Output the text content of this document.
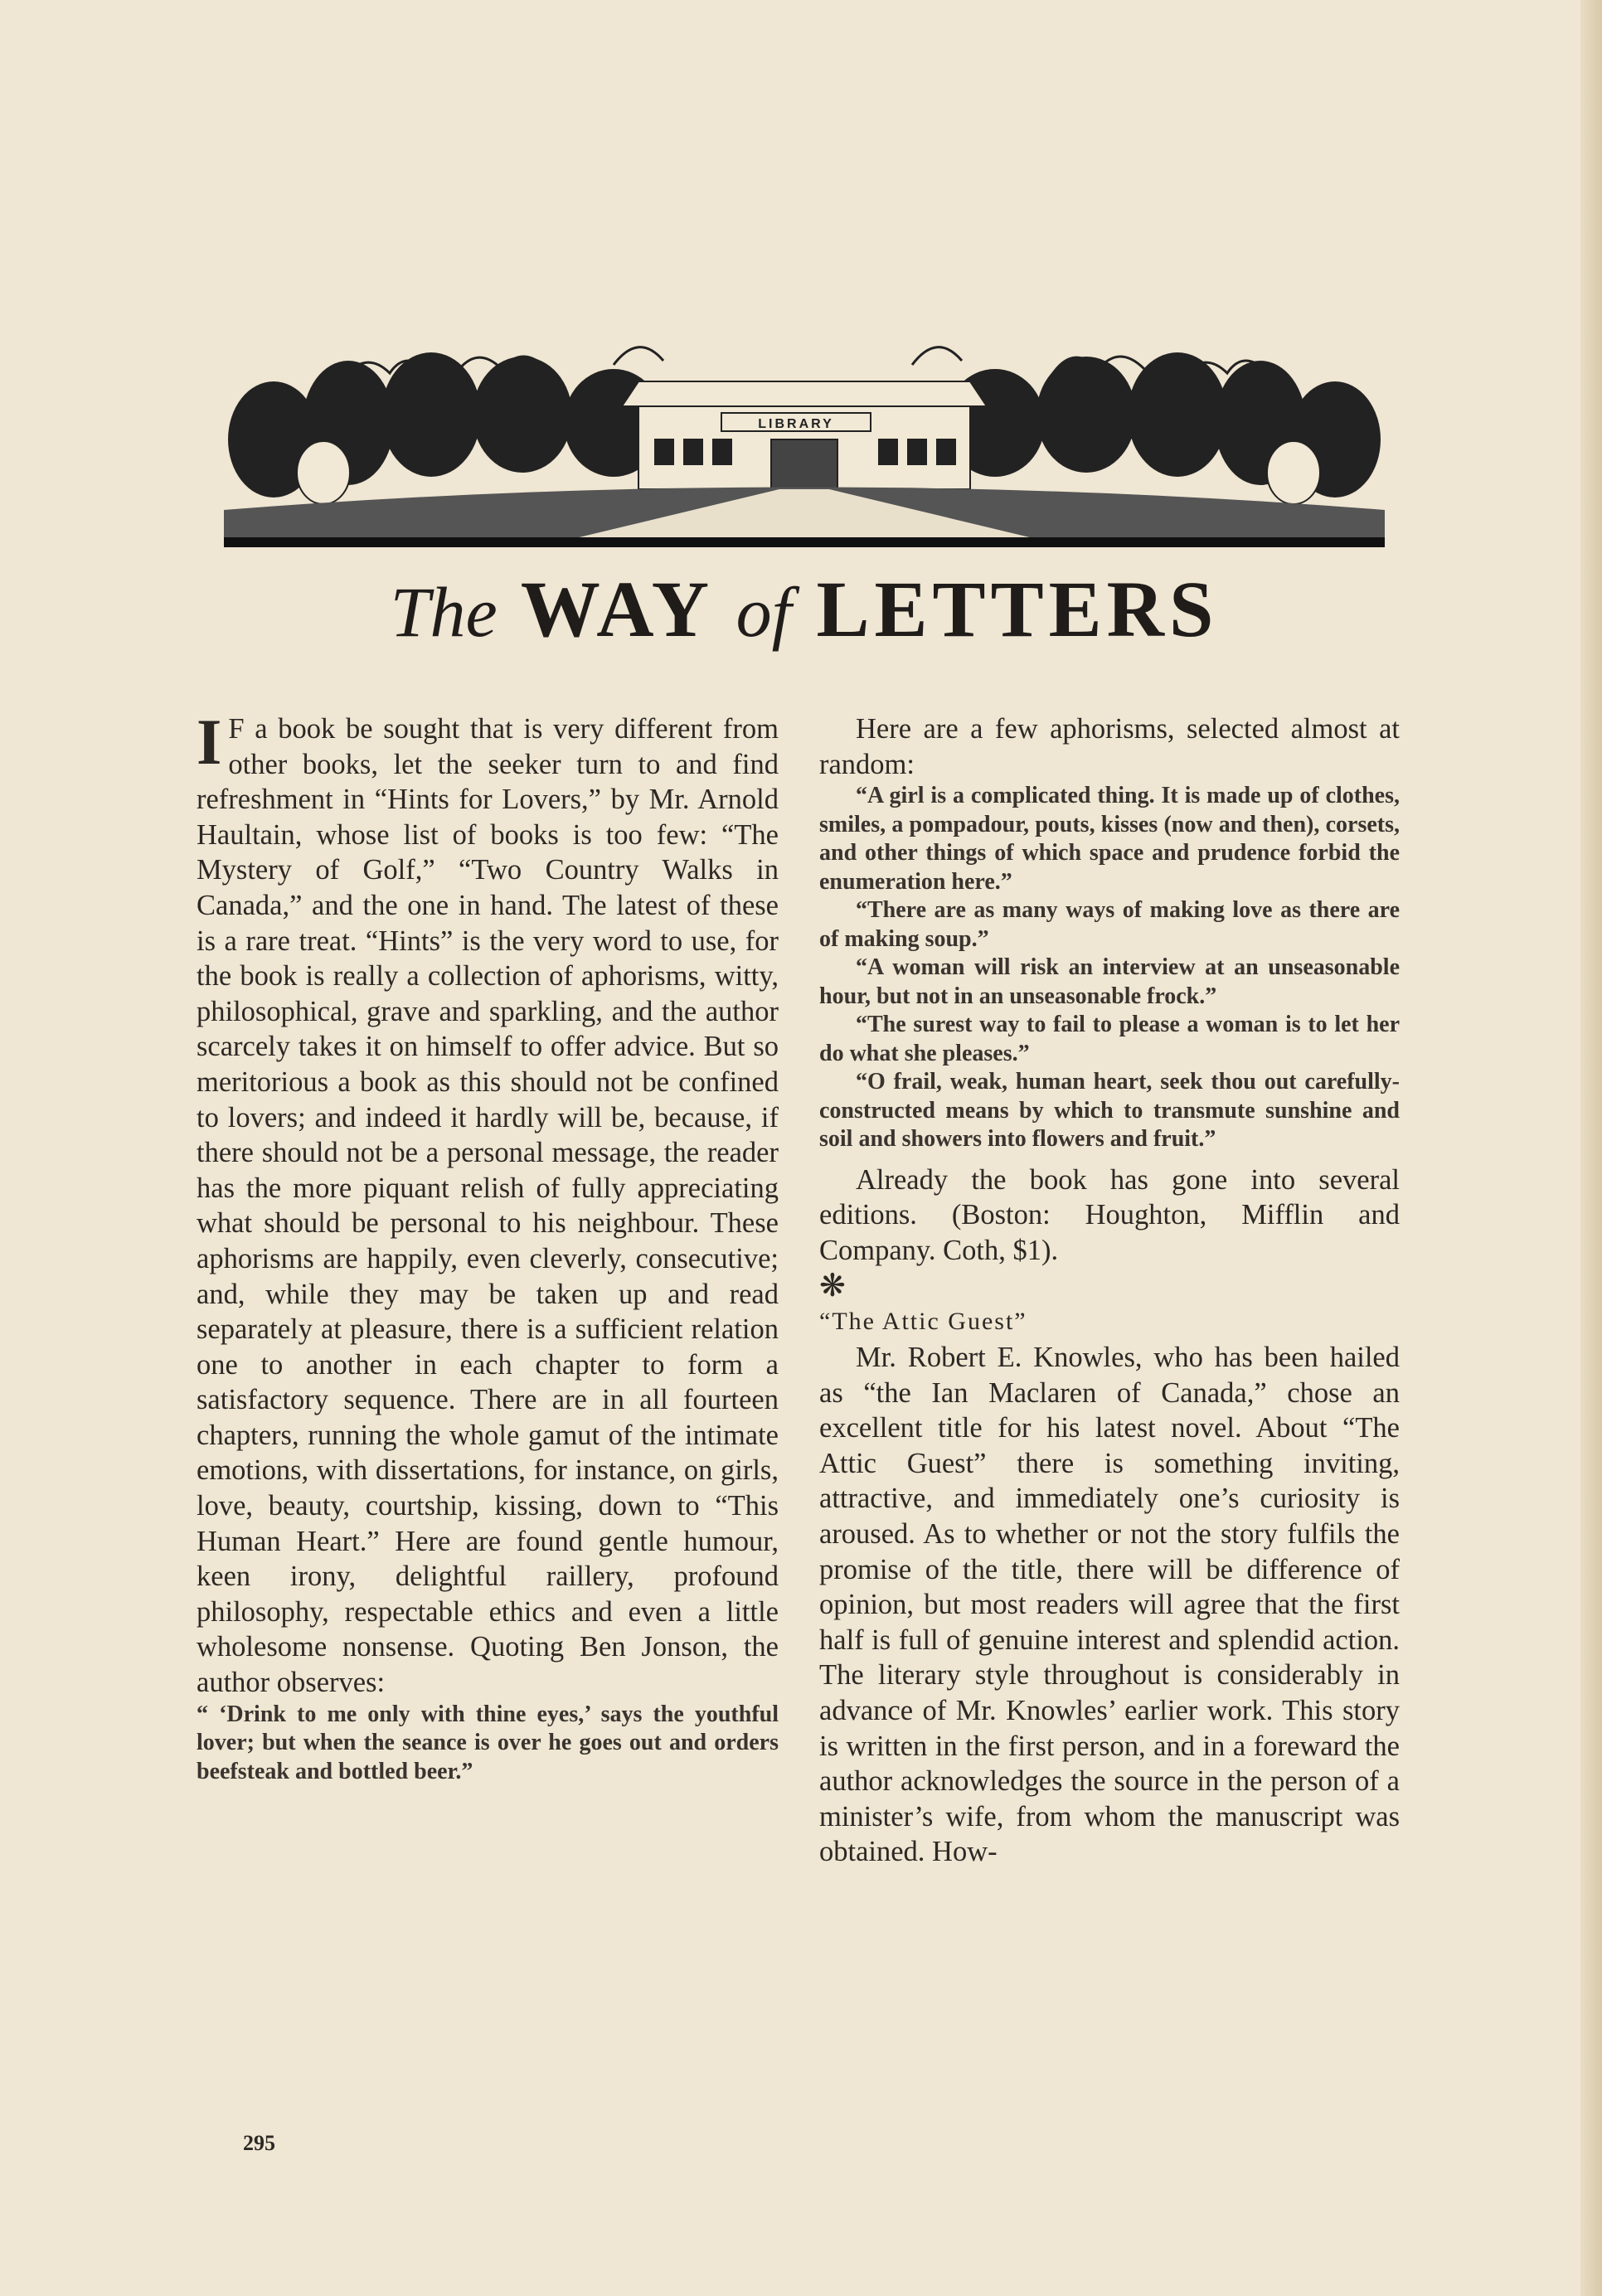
LIBRARY
The WAY of LETTERS

I F a book be sought that is very different from other books, let the seeker turn to and find refreshment in “Hints for Lovers,” by Mr. Arnold Haultain, whose list of books is too few: “The Mystery of Golf,” “Two Country Walks in Canada,” and the one in hand. The latest of these is a rare treat. “Hints” is the very word to use, for the book is really a collection of aphorisms, witty, philosophical, grave and sparkling, and the author scarcely takes it on himself to offer advice. But so meritorious a book as this should not be confined to lovers; and indeed it hardly will be, because, if there should not be a personal message, the reader has the more piquant relish of fully appreciating what should be personal to his neighbour. These aphorisms are happily, even cleverly, consecutive; and, while they may be taken up and read separately at pleasure, there is a sufficient relation one to another in each chapter to form a satisfactory sequence. There are in all fourteen chapters, running the whole gamut of the intimate emotions, with dissertations, for instance, on girls, love, beauty, courtship, kissing, down to “This Human Heart.” Here are found gentle humour, keen irony, delightful raillery, profound philosophy, respectable ethics and even a little wholesome nonsense. Quoting Ben Jonson, the author observes:

“ ‘Drink to me only with thine eyes,’ says the youthful lover; but when the seance is over he goes out and orders beefsteak and bottled beer.”

295

Here are a few aphorisms, selected almost at random:

“A girl is a complicated thing. It is made up of clothes, smiles, a pompadour, pouts, kisses (now and then), corsets, and other things of which space and prudence forbid the enumeration here.”

“There are as many ways of making love as there are of making soup.”

“A woman will risk an interview at an unseasonable hour, but not in an unseasonable frock.”

“The surest way to fail to please a woman is to let her do what she pleases.”

“O frail, weak, human heart, seek thou out carefully-constructed means by which to transmute sunshine and soil and showers into flowers and fruit.”

Already the book has gone into several editions. (Boston: Houghton, Mifflin and Company. Coth, $1).

❋

“The Attic Guest”

Mr. Robert E. Knowles, who has been hailed as “the Ian Maclaren of Canada,” chose an excellent title for his latest novel. About “The Attic Guest” there is something inviting, attractive, and immediately one’s curiosity is aroused. As to whether or not the story fulfils the promise of the title, there will be difference of opinion, but most readers will agree that the first half is full of genuine interest and splendid action. The literary style throughout is considerably in advance of Mr. Knowles’ earlier work. This story is written in the first person, and in a foreward the author acknowledges the source in the person of a minister’s wife, from whom the manuscript was obtained. How-
